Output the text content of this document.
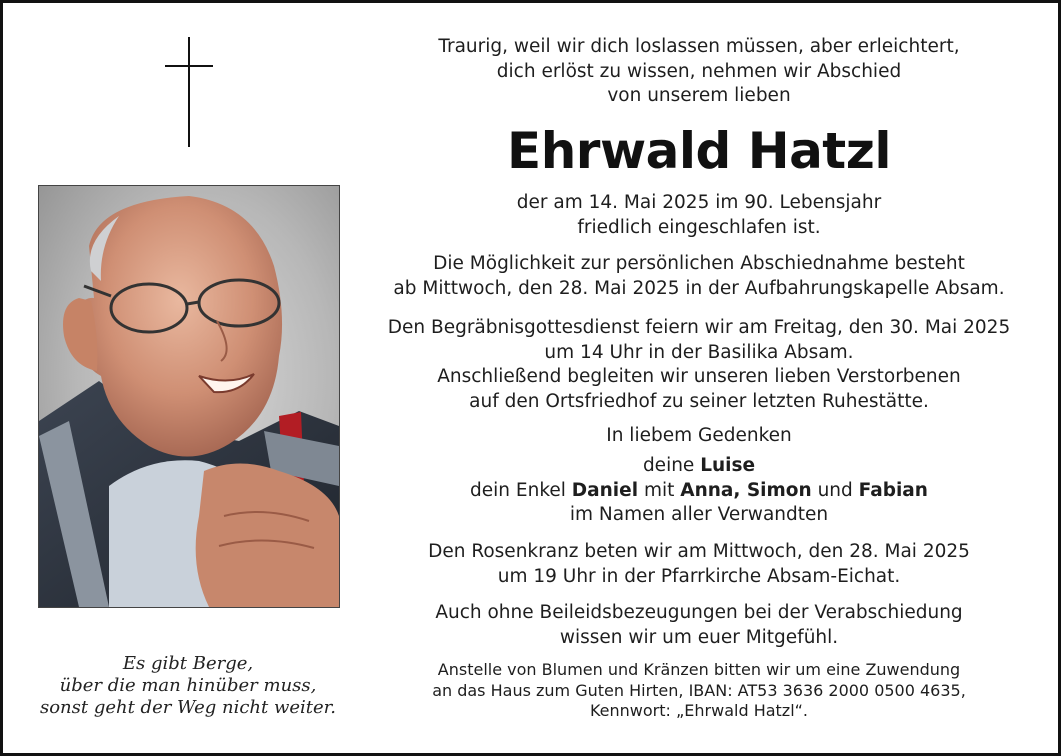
Es gibt Berge,
über die man hinüber muss,
sonst geht der Weg nicht weiter.

Traurig, weil wir dich loslassen müssen, aber erleichtert,

dich erlöst zu wissen, nehmen wir Abschied

von unserem lieben

Ehrwald Hatzl

der am 14. Mai 2025 im 90. Lebensjahr

friedlich eingeschlafen ist.

Die Möglichkeit zur persönlichen Abschiednahme besteht

ab Mittwoch, den 28. Mai 2025 in der Aufbahrungskapelle Absam.

Den Begräbnisgottesdienst feiern wir am Freitag, den 30. Mai 2025

um 14 Uhr in der Basilika Absam.

Anschließend begleiten wir unseren lieben Verstorbenen

auf den Ortsfriedhof zu seiner letzten Ruhestätte.

In liebem Gedenken

deine Luise

dein Enkel Daniel mit Anna, Simon und Fabian

im Namen aller Verwandten

Den Rosenkranz beten wir am Mittwoch, den 28. Mai 2025

um 19 Uhr in der Pfarrkirche Absam-Eichat.

Auch ohne Beileidsbezeugungen bei der Verabschiedung

wissen wir um euer Mitgefühl.

Anstelle von Blumen und Kränzen bitten wir um eine Zuwendung
an das Haus zum Guten Hirten, IBAN: AT53 3636 2000 0500 4635,
Kennwort: „Ehrwald Hatzl“.
